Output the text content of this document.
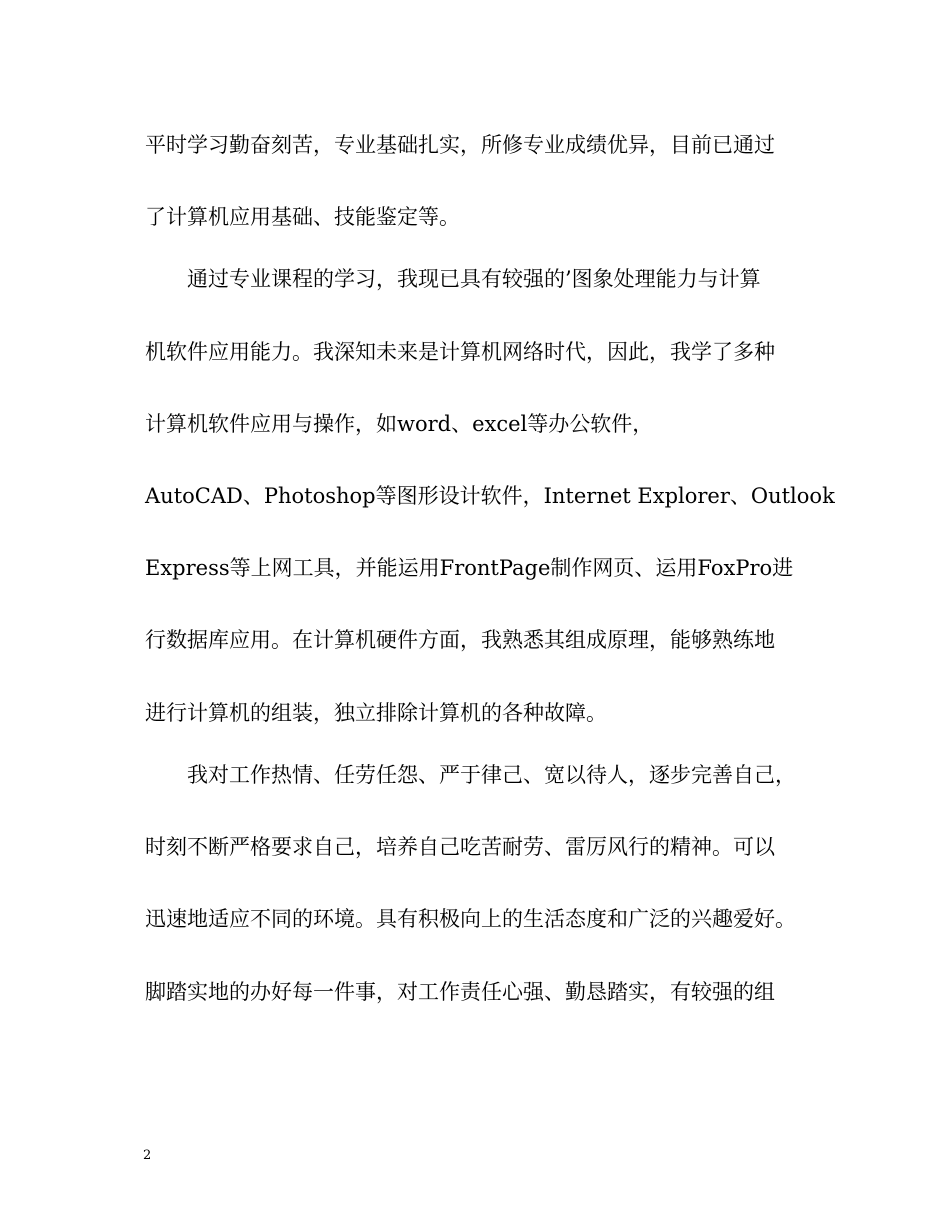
平时学习勤奋刻苦，专业基础扎实，所修专业成绩优异，目前已通过
了计算机应用基础、技能鉴定等。
通过专业课程的学习，我现已具有较强的’图象处理能力与计算
机软件应用能力。我深知未来是计算机网络时代，因此，我学了多种
计算机软件应用与操作，如word、excel等办公软件，
AutoCAD、Photoshop等图形设计软件，Internet Explorer、Outlook
Express等上网工具，并能运用FrontPage制作网页、运用FoxPro进
行数据库应用。在计算机硬件方面，我熟悉其组成原理，能够熟练地
进行计算机的组装，独立排除计算机的各种故障。
我对工作热情、任劳任怨、严于律己、宽以待人，逐步完善自己，
时刻不断严格要求自己，培养自己吃苦耐劳、雷厉风行的精神。可以
迅速地适应不同的环境。具有积极向上的生活态度和广泛的兴趣爱好。
脚踏实地的办好每一件事，对工作责任心强、勤恳踏实，有较强的组
2
